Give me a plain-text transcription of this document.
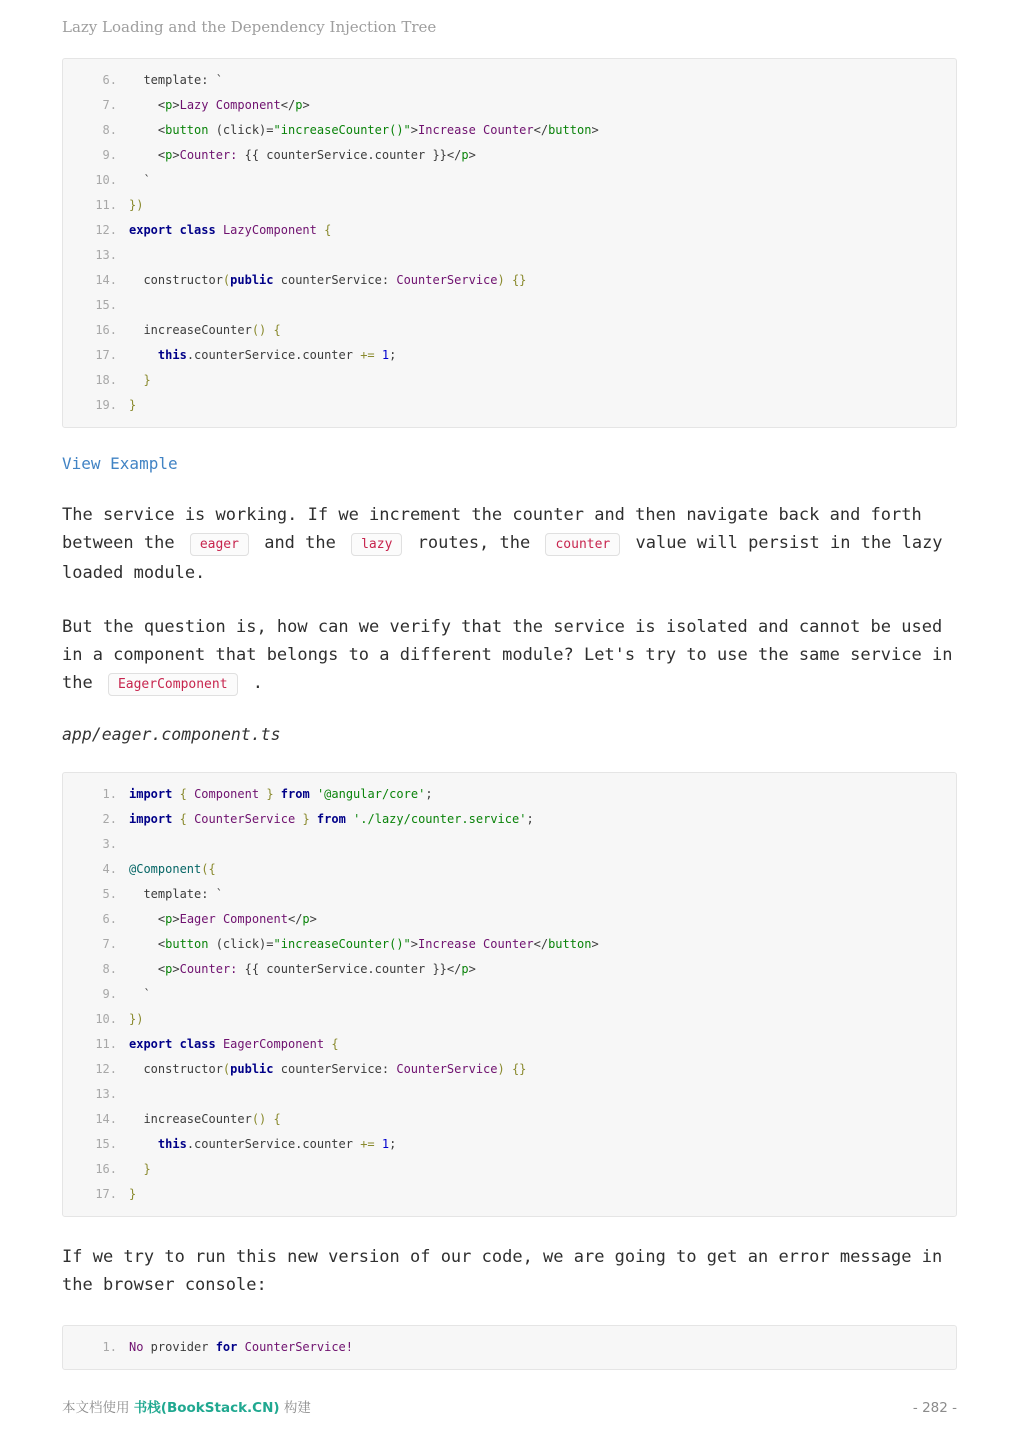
Lazy Loading and the Dependency Injection Tree
6.	template: `
7.	<p>Lazy Component</p>
8.	<button (click)="increaseCounter()">Increase Counter</button>
9.	<p>Counter: {{ counterService.counter }}</p>
10.	`
11.	})
12.	export class LazyComponent {
13.

14.	constructor(public counterService: CounterService) {}
15.

16.	increaseCounter() {
17.	this.counterService.counter += 1;
18.	}
19.	}
View Example

The service is working. If we increment the counter and then navigate back and forth between the eager and the lazy routes, the counter value will persist in the lazy loaded module.

But the question is, how can we verify that the service is isolated and cannot be used in a component that belongs to a different module? Let's try to use the same service in the EagerComponent .

app/eager.component.ts
1.	import { Component } from '@angular/core';
2.	import { CounterService } from './lazy/counter.service';
3.

4.	@Component({
5.	template: `
6.	<p>Eager Component</p>
7.	<button (click)="increaseCounter()">Increase Counter</button>
8.	<p>Counter: {{ counterService.counter }}</p>
9.	`
10.	})
11.	export class EagerComponent {
12.	constructor(public counterService: CounterService) {}
13.

14.	increaseCounter() {
15.	this.counterService.counter += 1;
16.	}
17.	}

If we try to run this new version of our code, we are going to get an error message in the browser console:

1.	No provider for CounterService!
本文档使用 书栈(BookStack.CN) 构建	- 282 -
